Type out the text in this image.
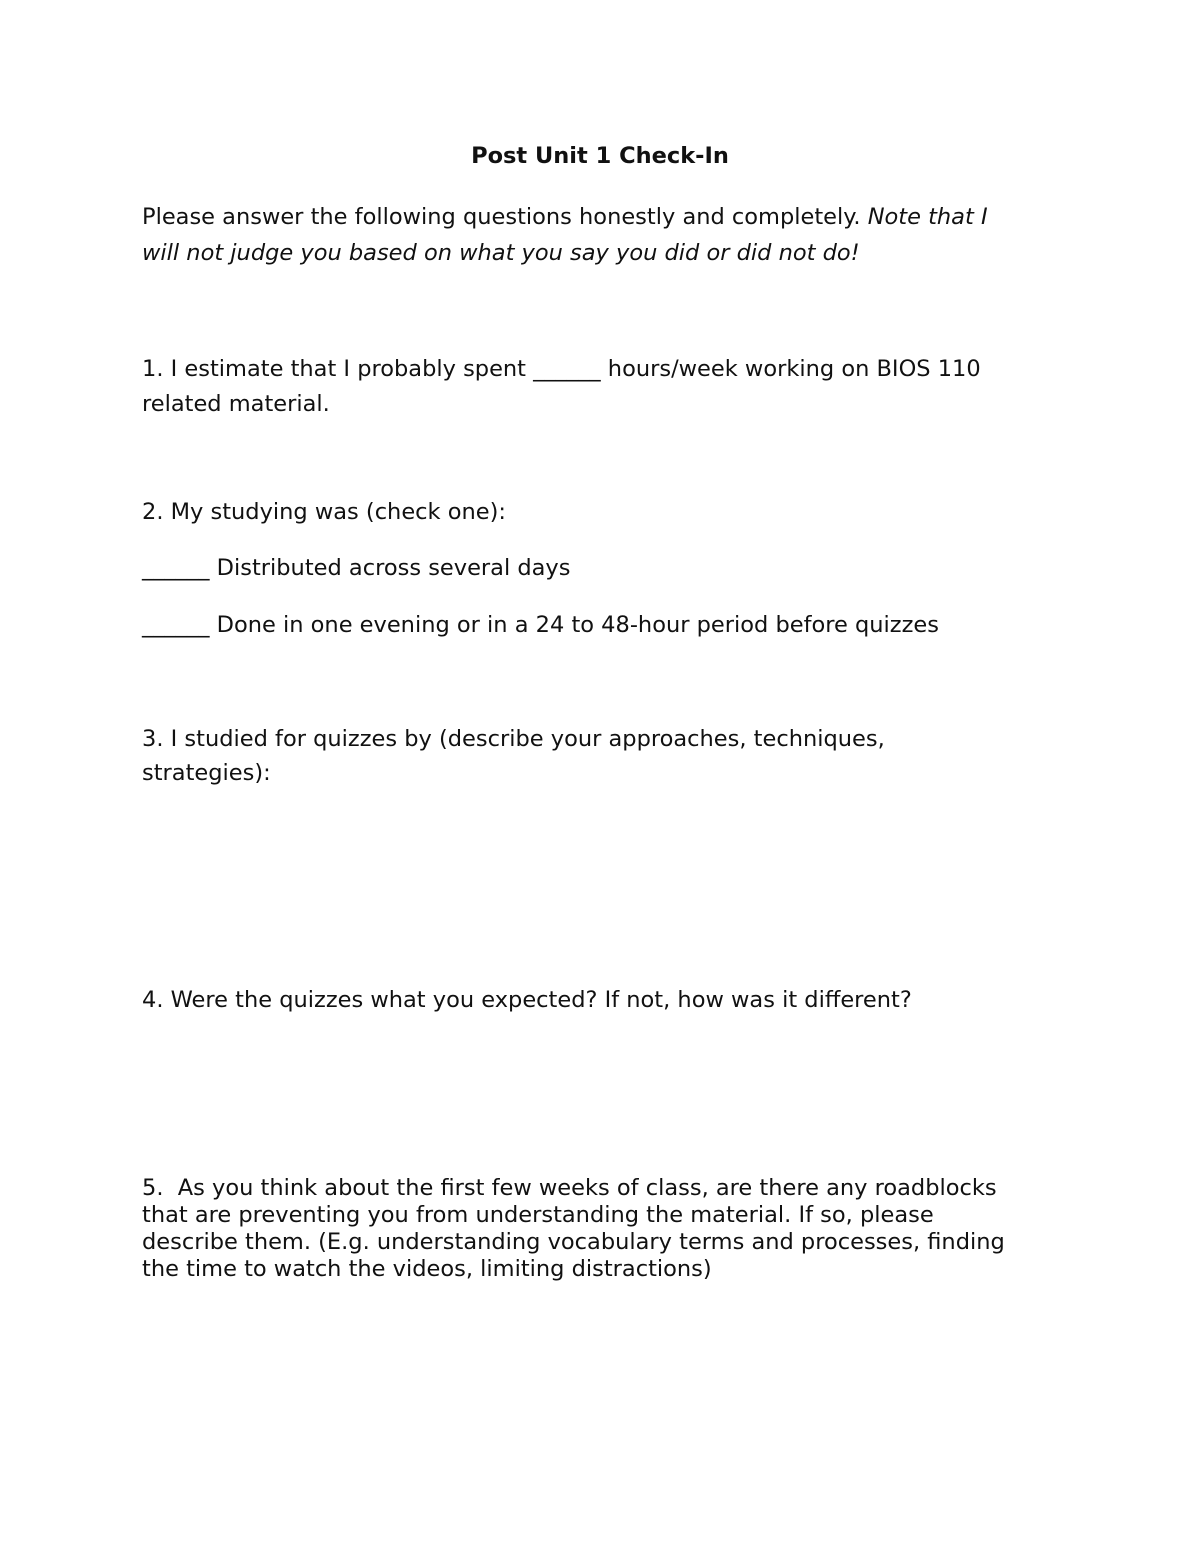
Post Unit 1 Check-In
Please answer the following questions honestly and completely. Note that I
will not judge you based on what you say you did or did not do!
1. I estimate that I probably spent ______ hours/week working on BIOS 110
related material.
2. My studying was (check one):
______ Distributed across several days
______ Done in one evening or in a 24 to 48-hour period before quizzes
3. I studied for quizzes by (describe your approaches, techniques,
strategies):
4. Were the quizzes what you expected? If not, how was it different?
5.  As you think about the first few weeks of class, are there any roadblocks
that are preventing you from understanding the material. If so, please
describe them. (E.g. understanding vocabulary terms and processes, finding
the time to watch the videos, limiting distractions)
